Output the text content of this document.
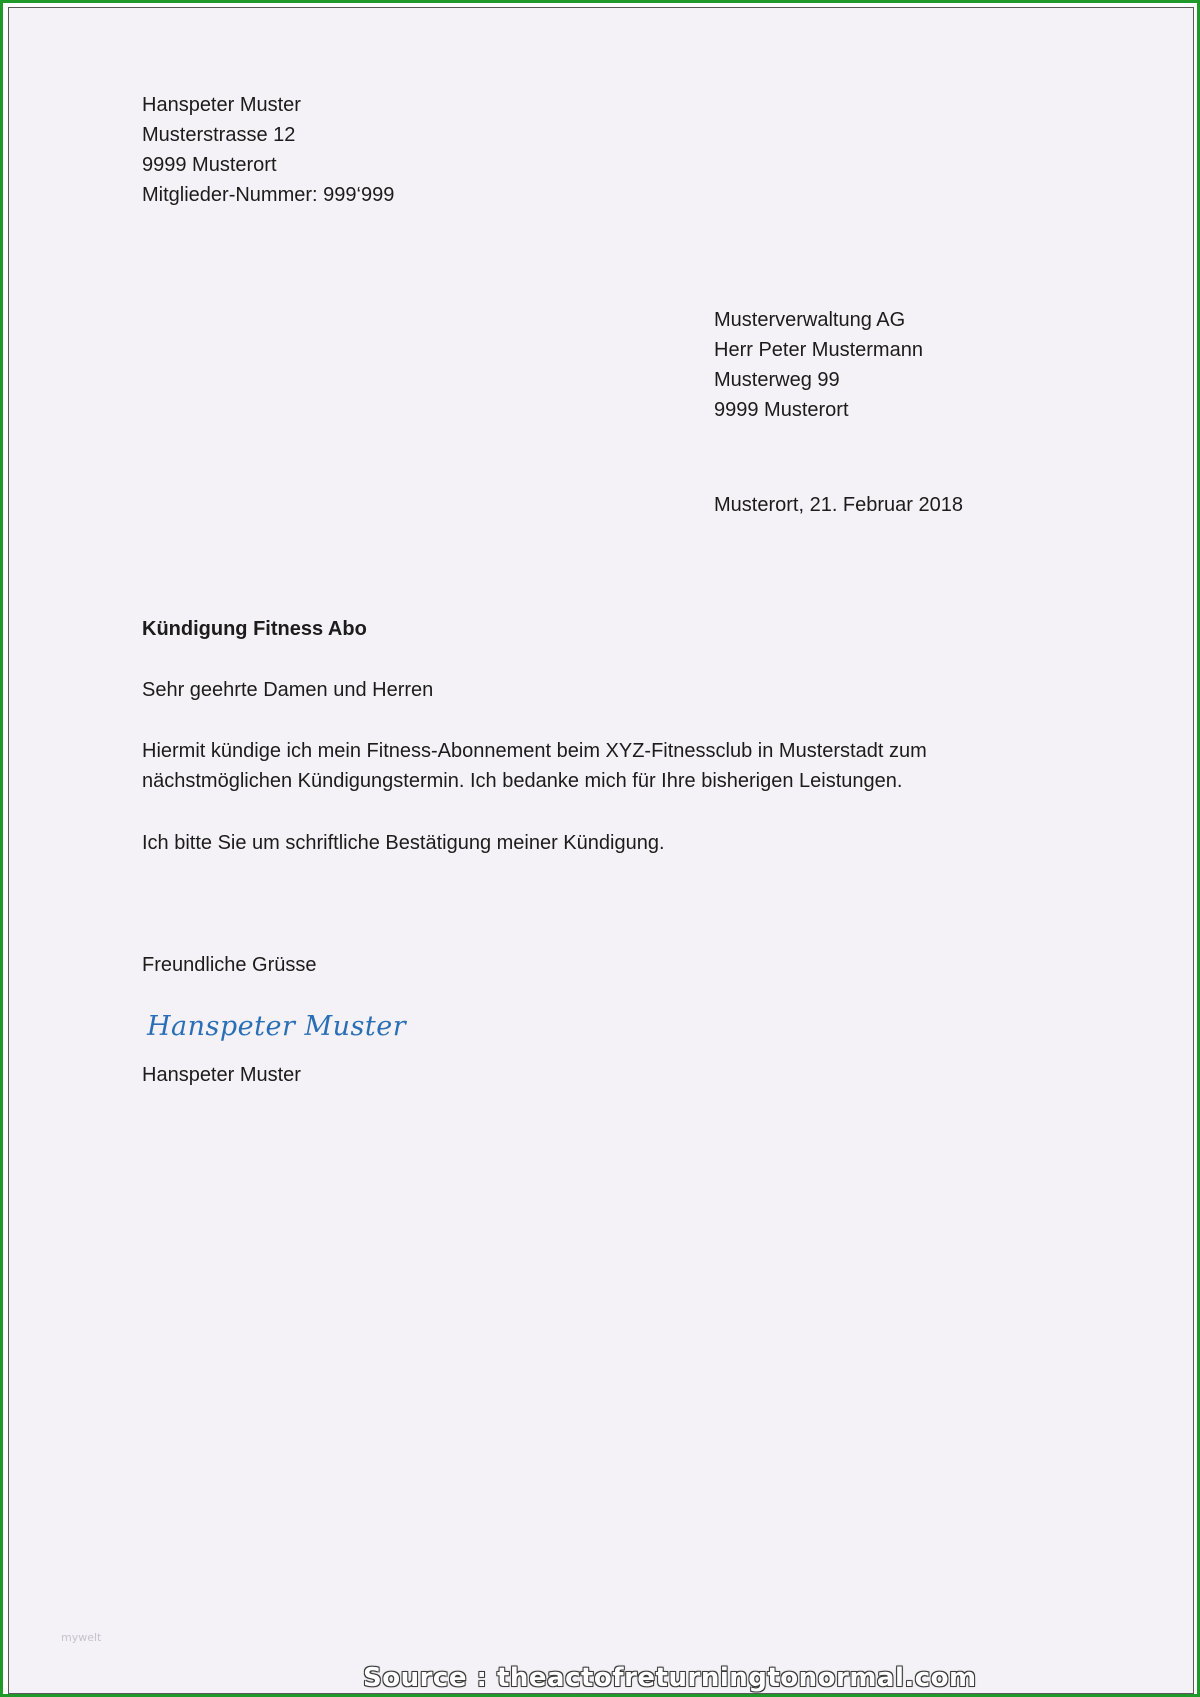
Hanspeter Muster
Musterstrasse 12
9999 Musterort
Mitglieder-Nummer: 999‘999
Musterverwaltung AG
Herr Peter Mustermann
Musterweg 99
9999 Musterort
Musterort, 21. Februar 2018
Kündigung Fitness Abo
Sehr geehrte Damen und Herren
Hiermit kündige ich mein Fitness-Abonnement beim XYZ-Fitnessclub in Musterstadt zum
nächstmöglichen Kündigungstermin. Ich bedanke mich für Ihre bisherigen Leistungen.
Ich bitte Sie um schriftliche Bestätigung meiner Kündigung.
Freundliche Grüsse
Hanspeter Muster
Hanspeter Muster
mywelt
Source : theactofreturningtonormal.com
